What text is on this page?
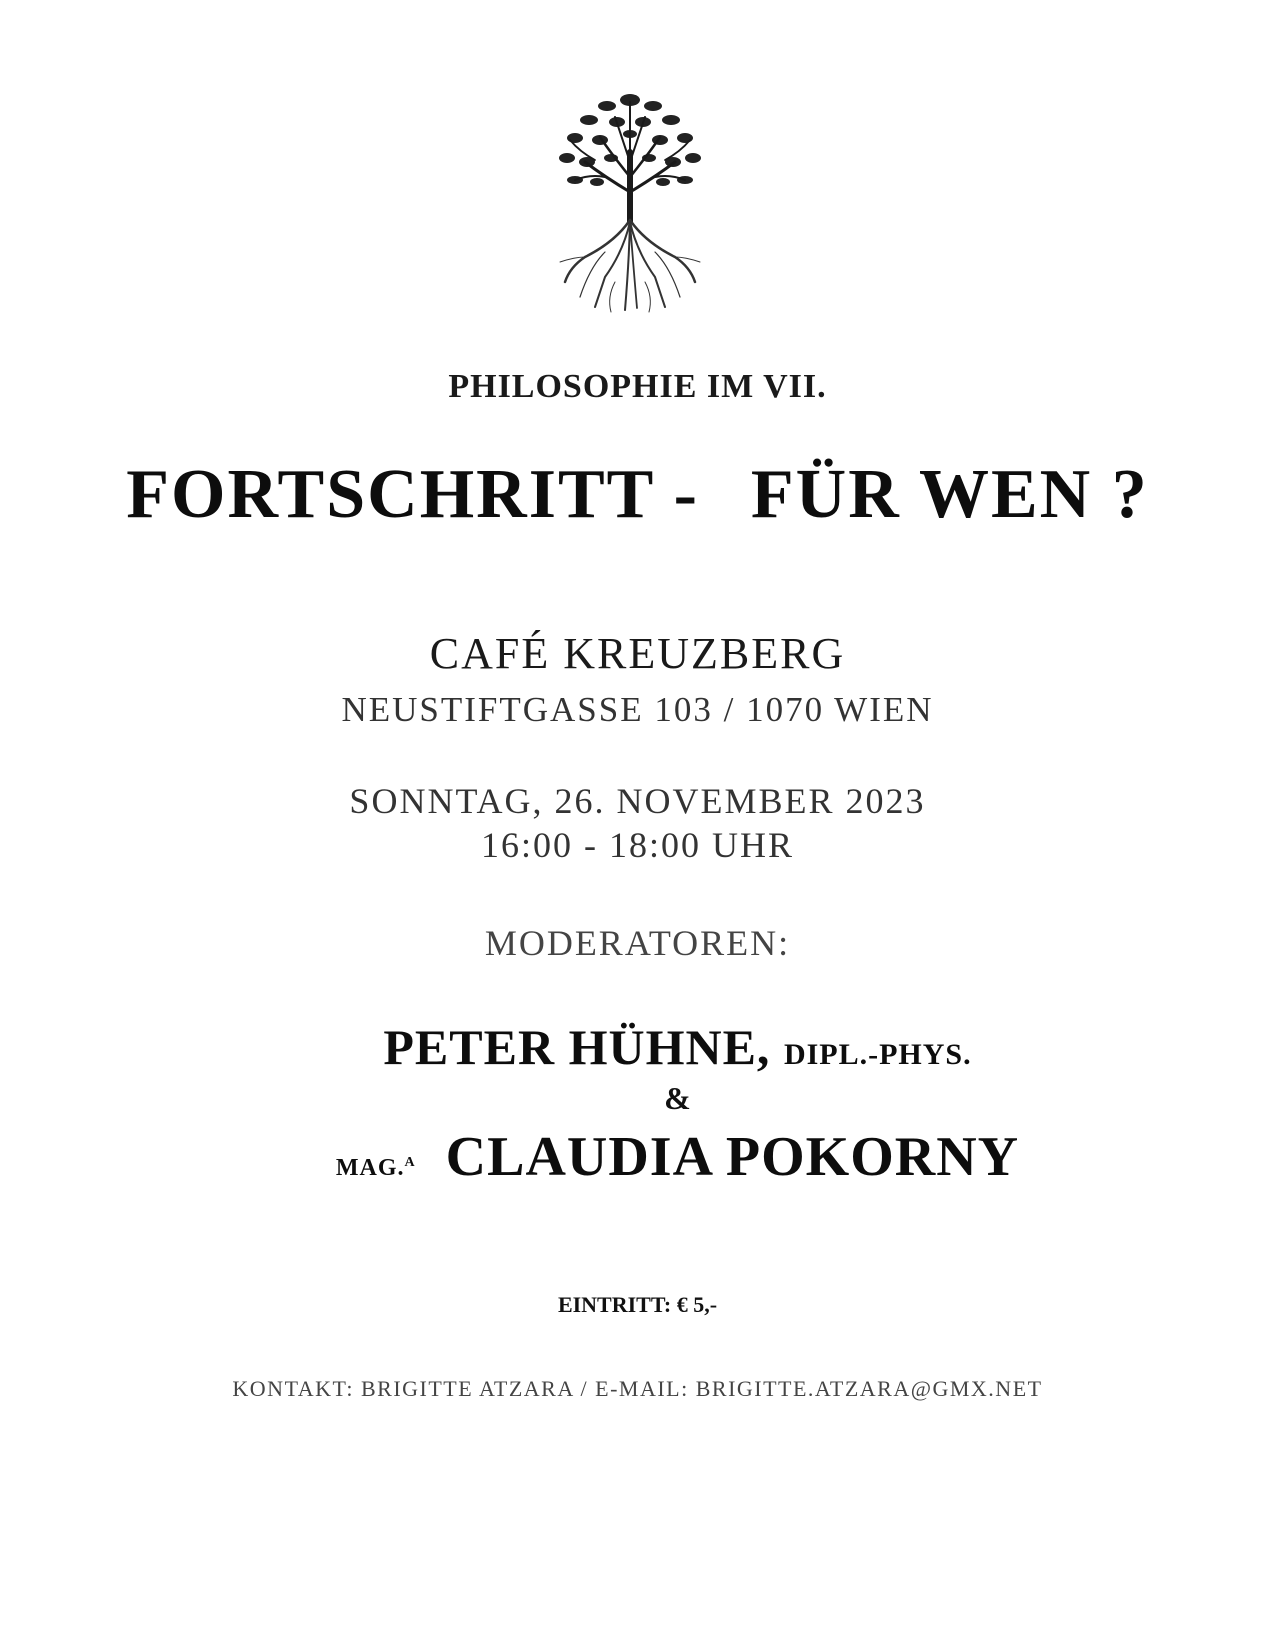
PHILOSOPHIE IM VII.
FORTSCHRITT - FÜR WEN ?
CAFÉ KREUZBERG
NEUSTIFTGASSE 103 / 1070 WIEN
SONNTAG, 26. NOVEMBER 2023
16:00 - 18:00 UHR
MODERATOREN:
PETER HÜHNE, DIPL.-PHYS.
&
MAG.$^A$ CLAUDIA POKORNY
EINTRITT: € 5,-
KONTAKT: BRIGITTE ATZARA / E-MAIL: BRIGITTE.ATZARA@GMX.NET
